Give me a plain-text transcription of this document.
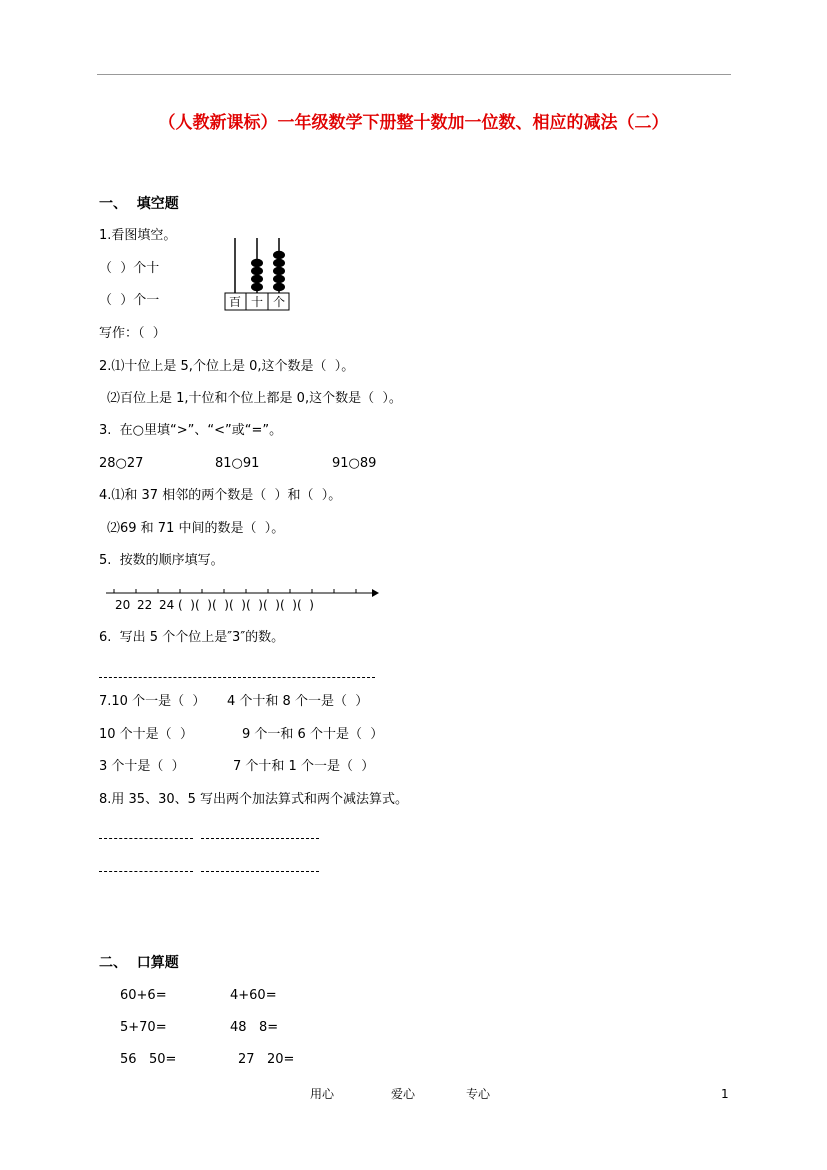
（人教新课标）一年级数学下册整十数加一位数、相应的减法（二）
一、  填空题
1.看图填空。
（  ）个十
（  ）个一
写作：（  ）
百 十 个
2.⑴十位上是 5,个位上是 0,这个数是（  ）。
⑵百位上是 1,十位和个位上都是 0,这个数是（  ）。
3.  在○里填“>”、“<”或“=”。
28○27	81○91	91○89
4.⑴和 37 相邻的两个数是（  ）和（  ）。
⑵69 和 71 中间的数是（  ）。
5.  按数的顺序填写。
20 22 24 (  )(  )(  )(  )(  )(  )(  )(  )
6.  写出 5 个个位上是″3″的数。
7.10 个一是（  ） 4 个十和 8 个一是（  ）
10 个十是（  ）	9 个一和 6 个十是（  ）
3 个十是（  ）	7 个十和 1 个一是（  ）
8.用 35、30、5 写出两个加法算式和两个减法算式。
二、  口算题
60+6=	4+60=
5+70=	48   8=
56   50=	27   20=
用心	爱心	专心	1
